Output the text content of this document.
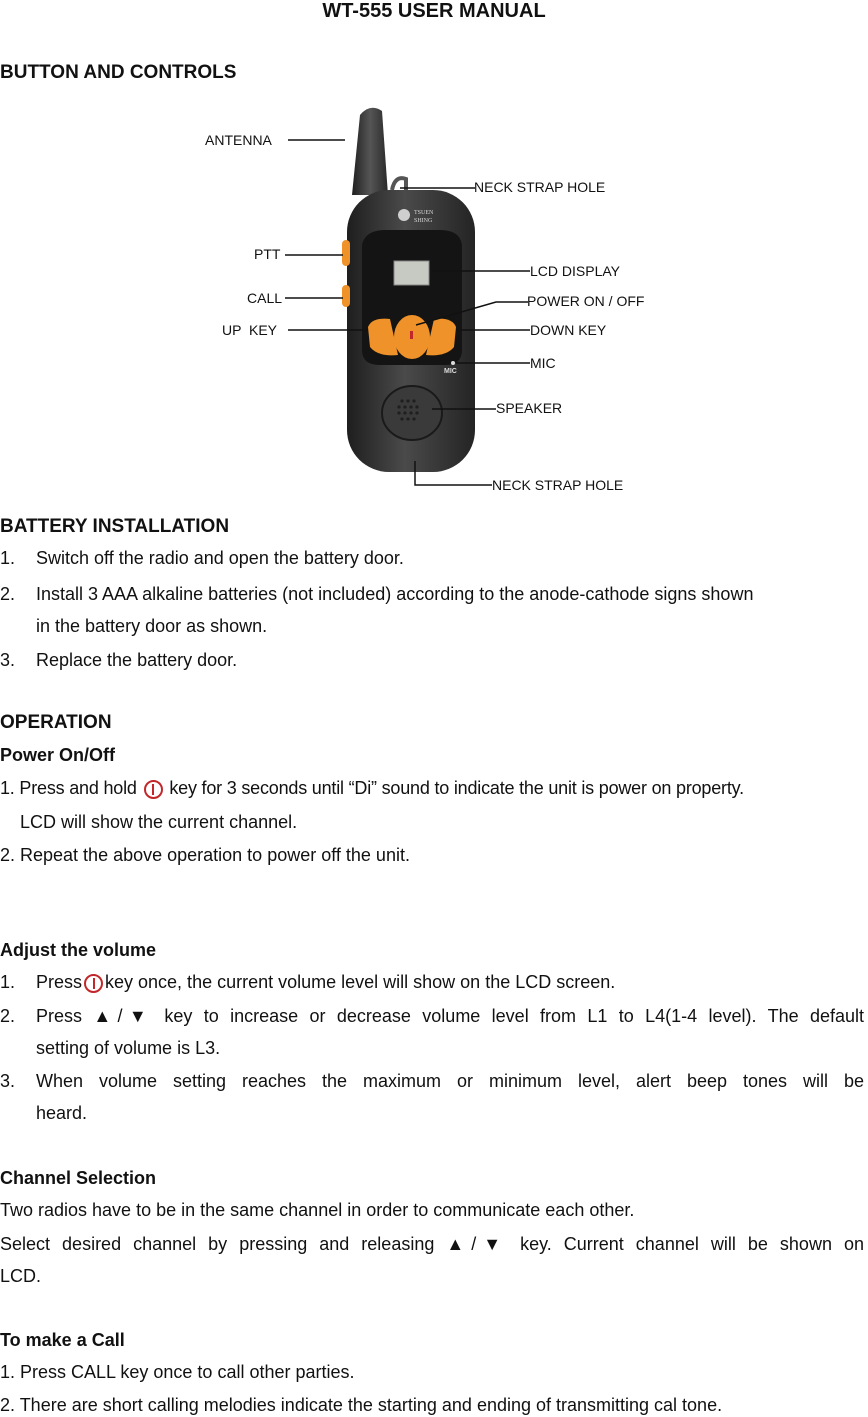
WT-555 USER MANUAL
BUTTON AND CONTROLS
TSUEN
SHING
MIC
ANTENNA
NECK STRAP HOLE
PTT
LCD DISPLAY
CALL	POWER ON / OFF
UP  KEY	DOWN KEY
MIC
SPEAKER
NECK STRAP HOLE
BATTERY INSTALLATION
1.	Switch off the radio and open the battery door.
2.	Install 3 AAA alkaline batteries (not included) according to the anode-cathode signs shown
in the battery door as shown.
3.	Replace the battery door.
OPERATION
Power On/Off
1. Press and hold key for 3 seconds until “Di” sound to indicate the unit is power on property.
LCD will show the current channel.
2. Repeat the above operation to power off the unit.
Adjust the volume
1.	Press key once, the current volume level will show on the LCD screen.
2.	Press ▲/▼ key to increase or decrease volume level from L1 to L4(1-4 level). The default
setting of volume is L3.
3.	When volume setting reaches the maximum or minimum level, alert beep tones will be
heard.
Channel Selection
Two radios have to be in the same channel in order to communicate each other.
Select desired channel by pressing and releasing ▲/▼ key. Current channel will be shown on
LCD.
To make a Call
1. Press CALL key once to call other parties.
2. There are short calling melodies indicate the starting and ending of transmitting cal tone.
